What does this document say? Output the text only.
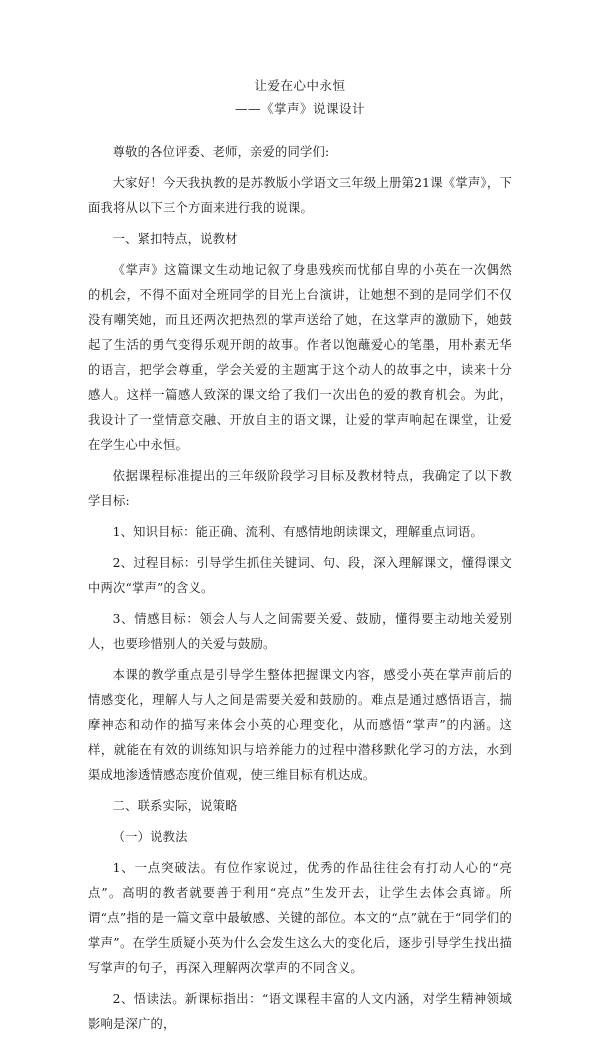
让爱在心中永恒
——《掌声》说课设计

尊敬的各位评委、老师，亲爱的同学们:

大家好！今天我执教的是苏教版小学语文三年级上册第21课《掌声》，下面我将从以下三个方面来进行我的说课。

一、紧扣特点，说教材

《掌声》这篇课文生动地记叙了身患残疾而忧郁自卑的小英在一次偶然的机会，不得不面对全班同学的目光上台演讲，让她想不到的是同学们不仅没有嘲笑她，而且还两次把热烈的掌声送给了她，在这掌声的激励下，她鼓起了生活的勇气变得乐观开朗的故事。作者以饱蘸爱心的笔墨，用朴素无华的语言，把学会尊重，学会关爱的主题寓于这个动人的故事之中，读来十分感人。这样一篇感人致深的课文给了我们一次出色的爱的教育机会。为此，我设计了一堂情意交融、开放自主的语文课，让爱的掌声响起在课堂，让爱在学生心中永恒。

依据课程标准提出的三年级阶段学习目标及教材特点，我确定了以下教学目标:

1、知识目标：能正确、流利、有感情地朗读课文，理解重点词语。

2、过程目标：引导学生抓住关键词、句、段，深入理解课文，懂得课文中两次“掌声”的含义。

3、情感目标：领会人与人之间需要关爱、鼓励，懂得要主动地关爱别人，也要珍惜别人的关爱与鼓励。

本课的教学重点是引导学生整体把握课文内容，感受小英在掌声前后的情感变化，理解人与人之间是需要关爱和鼓励的。难点是通过感悟语言，揣摩神态和动作的描写来体会小英的心理变化，从而感悟“掌声”的内涵。这样，就能在有效的训练知识与培养能力的过程中潜移默化学习的方法，水到渠成地渗透情感态度价值观，使三维目标有机达成。

二、联系实际，说策略

（一）说教法

1、一点突破法。有位作家说过，优秀的作品往往会有打动人心的“亮点”。高明的教者就要善于利用“亮点”生发开去，让学生去体会真谛。所谓“点”指的是一篇文章中最敏感、关键的部位。本文的“点”就在于“同学们的掌声”。在学生质疑小英为什么会发生这么大的变化后，逐步引导学生找出描写掌声的句子，再深入理解两次掌声的不同含义。

2、悟读法。新课标指出：“语文课程丰富的人文内涵，对学生精神领域影响是深广的，
